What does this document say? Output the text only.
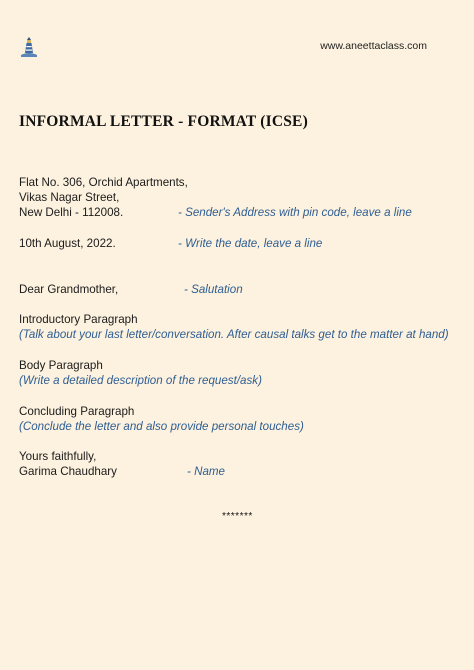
www.aneettaclass.com
INFORMAL LETTER - FORMAT (ICSE)
Flat No. 306, Orchid Apartments,
Vikas Nagar Street,
New Delhi - 112008.	- Sender's Address with pin code, leave a line
10th August, 2022.	- Write the date, leave a line
Dear Grandmother,	- Salutation
Introductory Paragraph
(Talk about your last letter/conversation. After causal talks get to the matter at hand)
Body Paragraph
(Write a detailed description of the request/ask)
Concluding Paragraph
(Conclude the letter and also provide personal touches)
Yours faithfully,
Garima Chaudhary	- Name
*******
